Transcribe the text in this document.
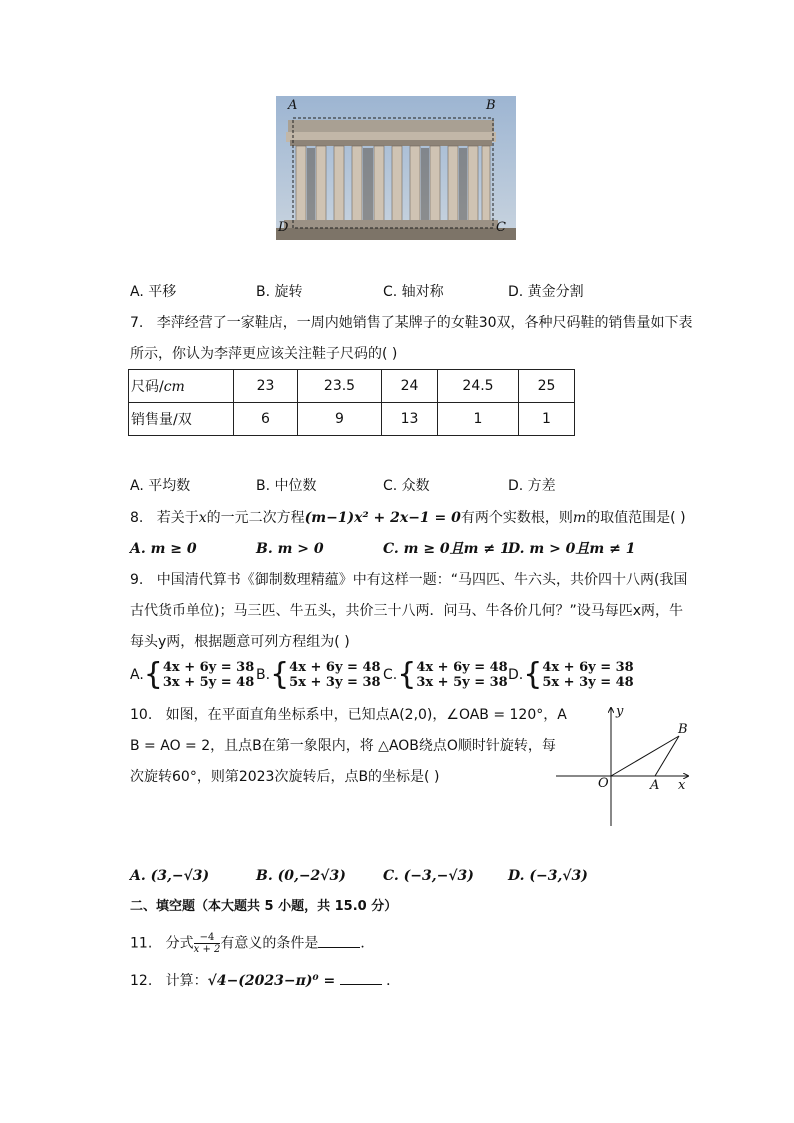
A	B
D	C
A. 平移	B. 旋转	C. 轴对称	D. 黄金分割
7. 李萍经营了一家鞋店，一周内她销售了某牌子的女鞋30双，各种尺码鞋的销售量如下表
所示，你认为李萍更应该关注鞋子尺码的( )
尺码/cm	23	23.5	24	24.5	25
销售量/双	6	9	13	1	1
A. 平均数	B. 中位数	C. 众数	D. 方差
8. 若关于x的一元二次方程(m−1)x² + 2x−1 = 0有两个实数根，则m的取值范围是( )
A. m ≥ 0	B. m > 0	C. m ≥ 0且m ≠ 1
D. m > 0且m ≠ 1
9. 中国清代算书《御制数理精蕴》中有这样一题：“马四匹、牛六头，共价四十八两(我国
古代货币单位)；马三匹、牛五头，共价三十八两．问马、牛各价几何？”设马每匹x两，牛
每头y两，根据题意可列方程组为( )
A.{4x + 6y = 38
3x + 5y = 48 B.{4x + 6y = 48
5x + 3y = 38 C.{4x + 6y = 48
3x + 5y = 38 D.{4x + 6y = 38
5x + 3y = 48
10. 如图，在平面直角坐标系中，已知点A(2,0)，∠OAB = 120°，A
B = AO = 2，且点B在第一象限内，将 △AOB绕点O顺时针旋转，每
次旋转60°，则第2023次旋转后，点B的坐标是( )
y
x
O	A
B
A. (3,−√3)	B. (0,−2√3)	C. (−3,−√3) D. (−3,√3)
二、填空题（本大题共 5 小题，共 15.0 分）
11. 分式 $\frac{-4}{x + 2}$ 有意义的条件是	．
12. 计算：√4−(2023−π)⁰ =	．
